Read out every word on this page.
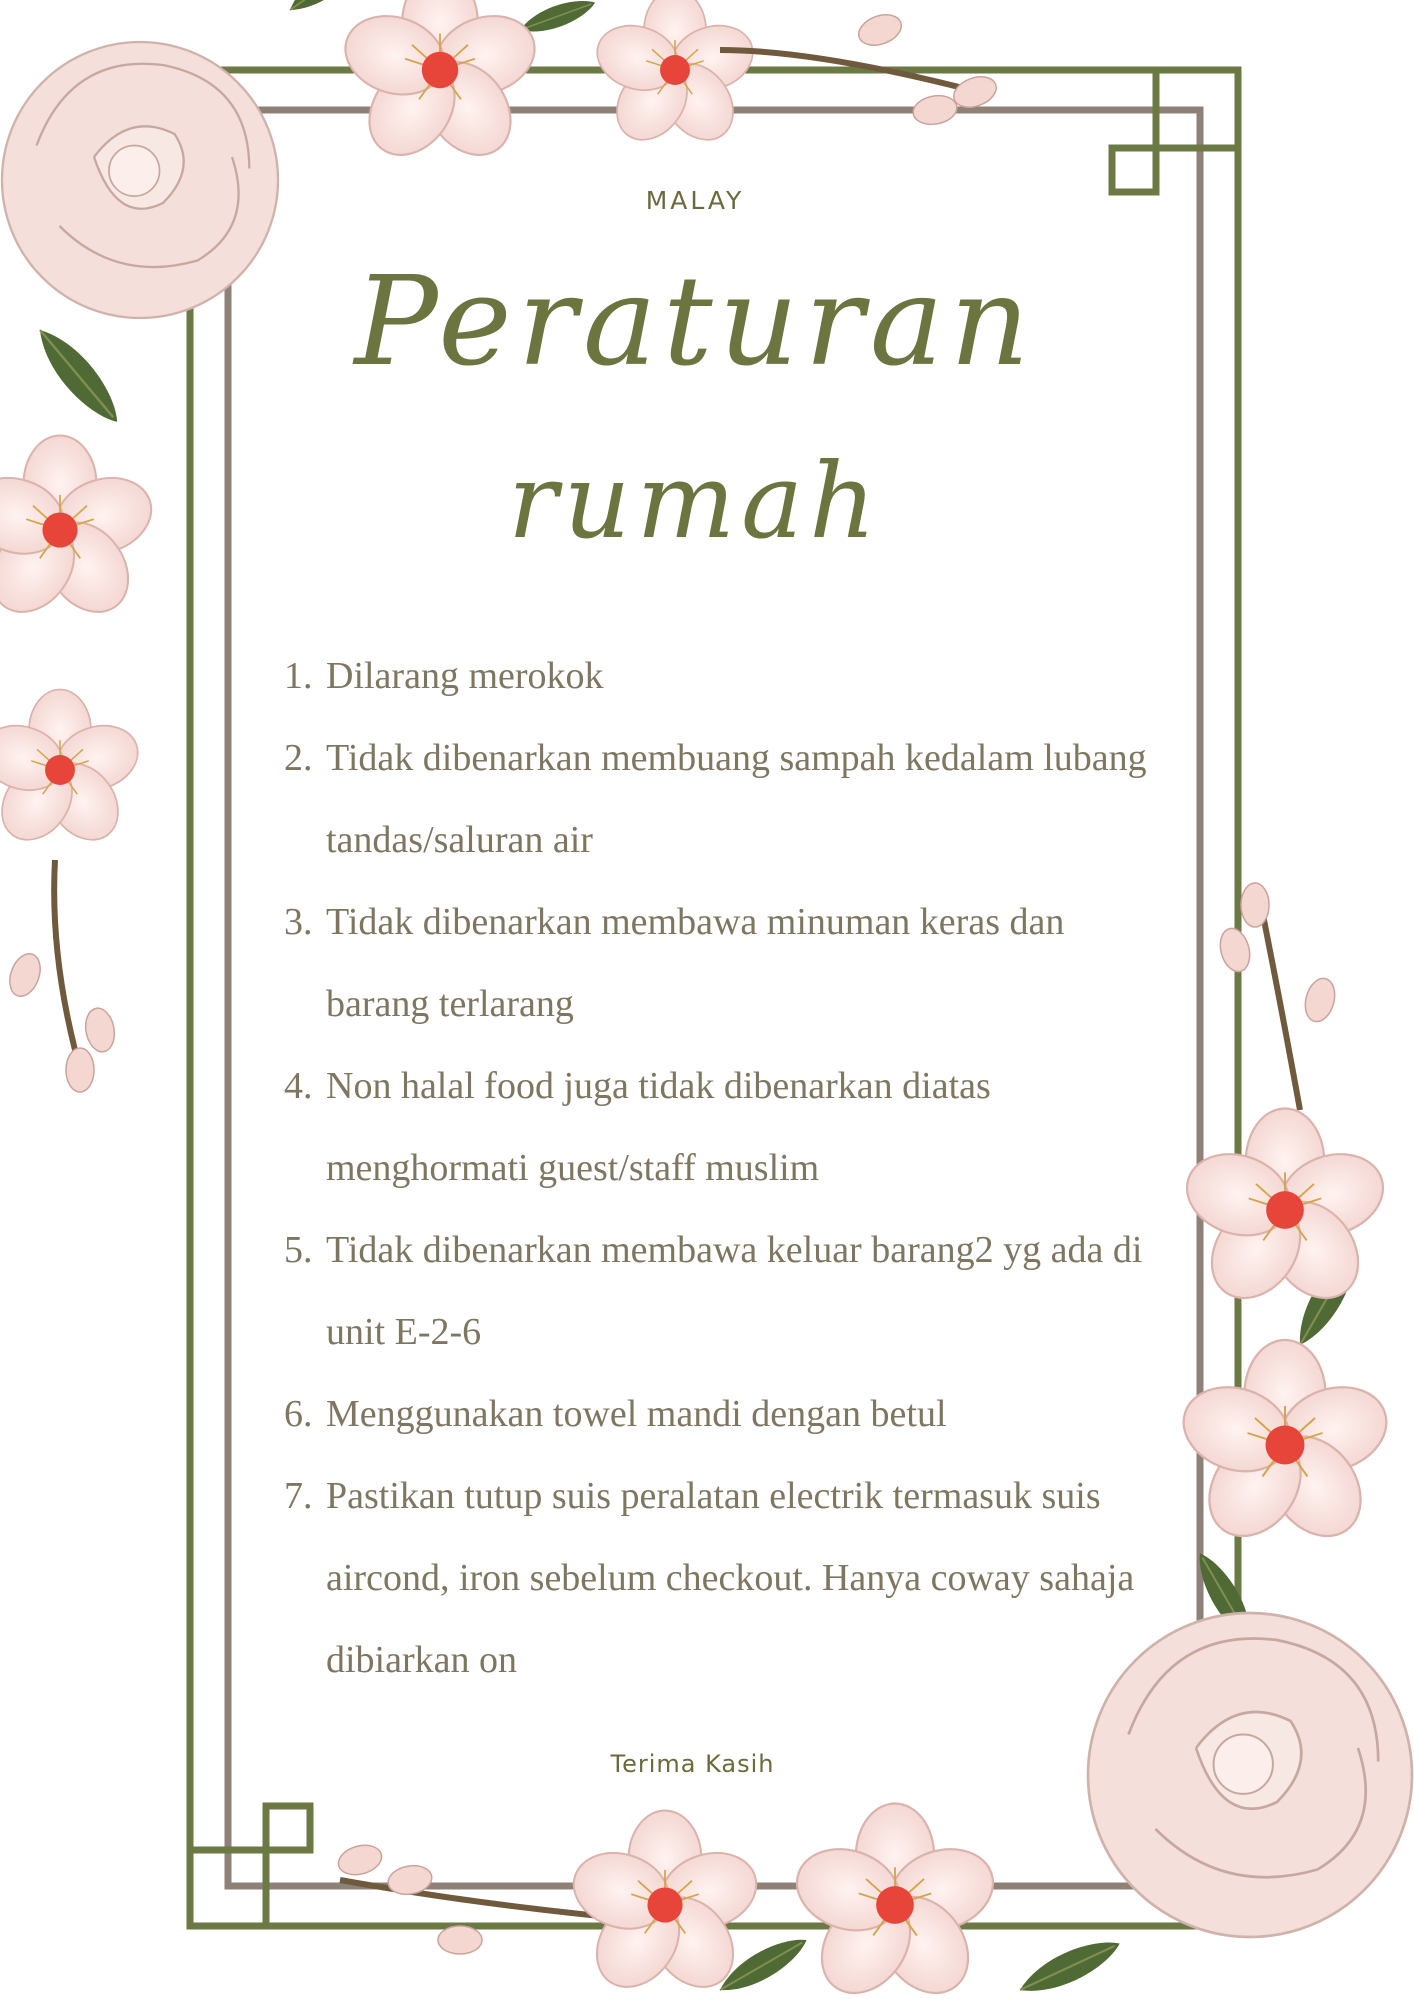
MALAY
Peraturan
rumah
1. Dilarang merokok
2. Tidak dibenarkan membuang sampah kedalam lubang tandas/saluran air
3. Tidak dibenarkan membawa minuman keras dan barang terlarang
4. Non halal food juga tidak dibenarkan diatas menghormati guest/staff muslim
5. Tidak dibenarkan membawa keluar barang2 yg ada di unit E-2-6
6. Menggunakan towel mandi dengan betul
7. Pastikan tutup suis peralatan electrik termasuk suis aircond, iron sebelum checkout. Hanya coway sahaja dibiarkan on
Terima Kasih
